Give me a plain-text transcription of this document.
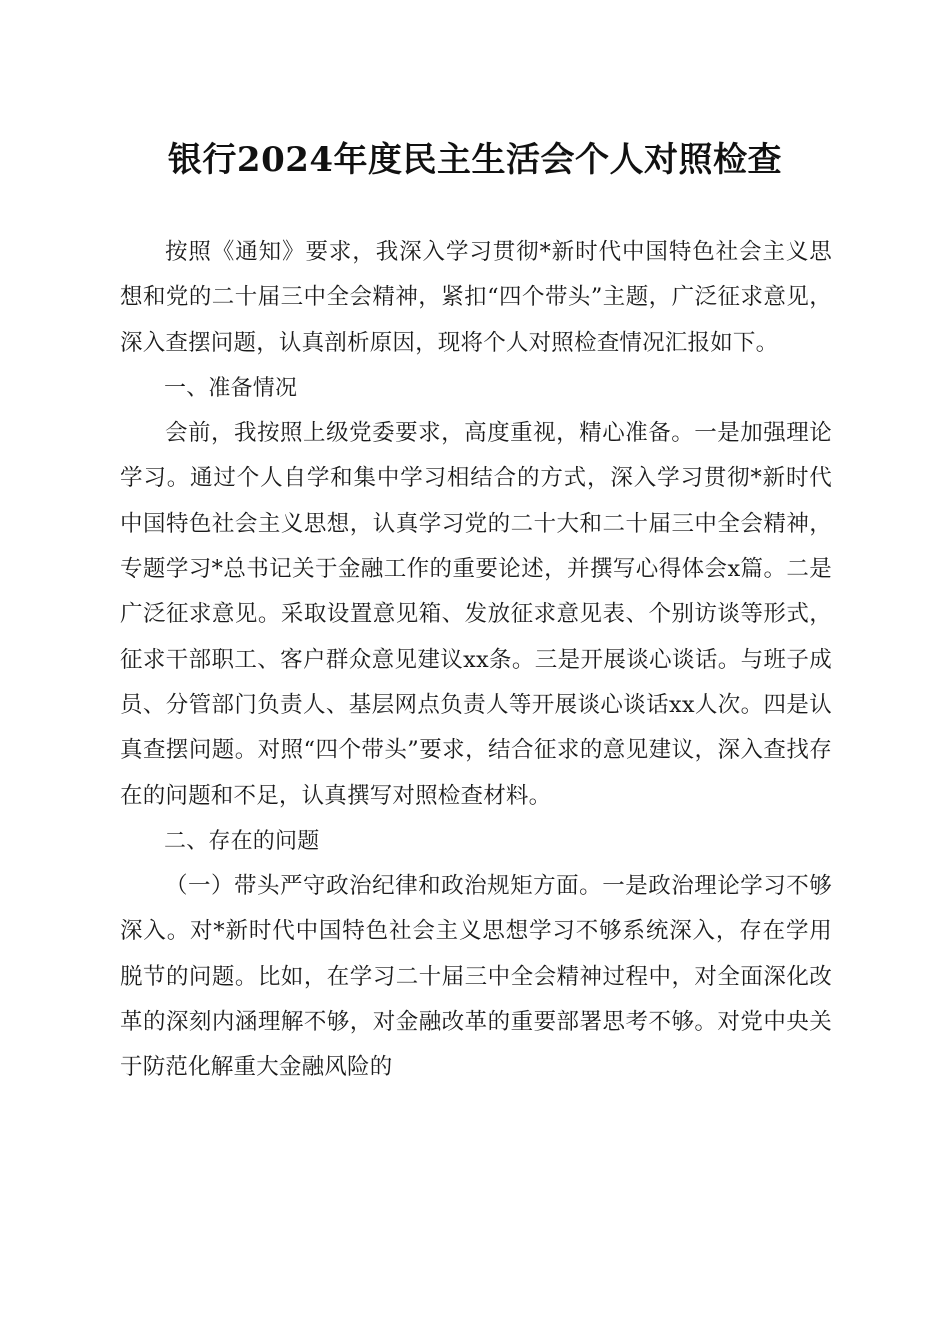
银行2024年度民主生活会个人对照检查

按照《通知》要求，我深入学习贯彻*新时代中国特色社会主义思想和党的二十届三中全会精神，紧扣“四个带头”主题，广泛征求意见，深入查摆问题，认真剖析原因，现将个人对照检查情况汇报如下。

一、准备情况

会前，我按照上级党委要求，高度重视，精心准备。一是加强理论学习。通过个人自学和集中学习相结合的方式，深入学习贯彻*新时代中国特色社会主义思想，认真学习党的二十大和二十届三中全会精神，专题学习*总书记关于金融工作的重要论述，并撰写心得体会x篇。二是广泛征求意见。采取设置意见箱、发放征求意见表、个别访谈等形式，征求干部职工、客户群众意见建议xx条。三是开展谈心谈话。与班子成员、分管部门负责人、基层网点负责人等开展谈心谈话xx人次。四是认真查摆问题。对照“四个带头”要求，结合征求的意见建议，深入查找存在的问题和不足，认真撰写对照检查材料。

二、存在的问题

（一）带头严守政治纪律和政治规矩方面。一是政治理论学习不够深入。对*新时代中国特色社会主义思想学习不够系统深入，存在学用脱节的问题。比如，在学习二十届三中全会精神过程中，对全面深化改革的深刻内涵理解不够，对金融改革的重要部署思考不够。对党中央关于防范化解重大金融风险的
